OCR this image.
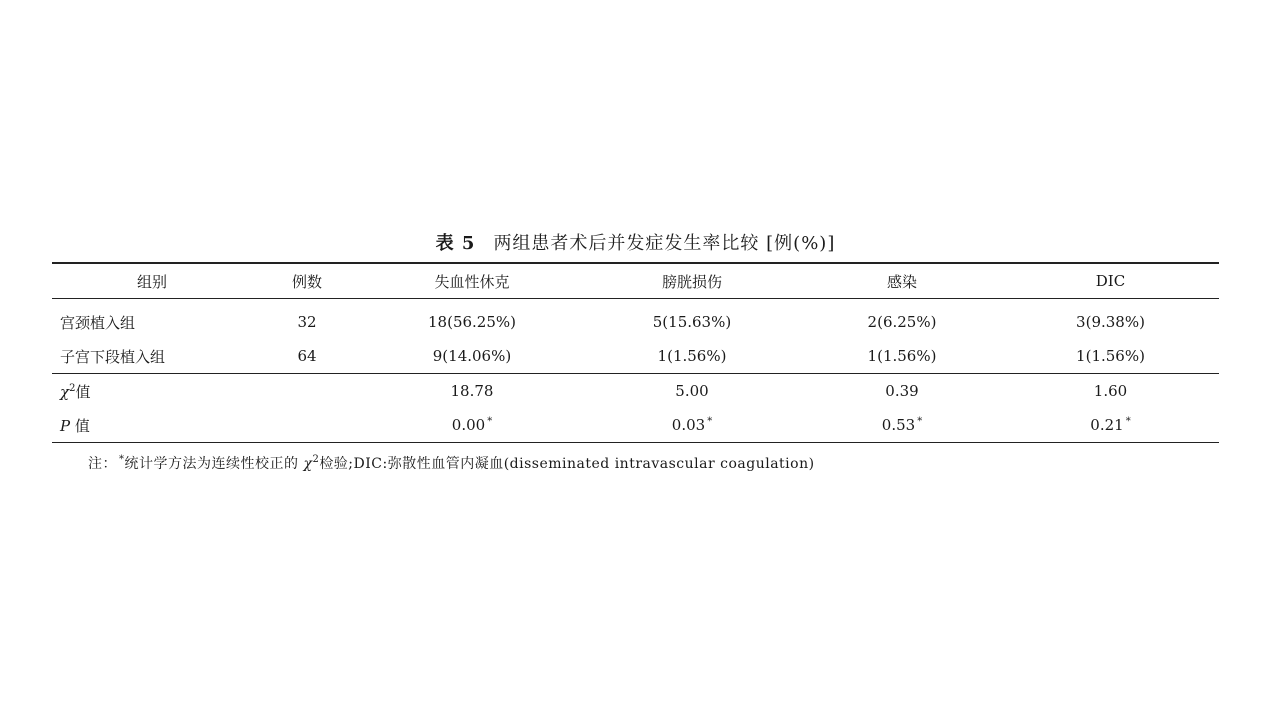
表 5 两组患者术后并发症发生率比较 [例(%)]
组别	例数	失血性休克	膀胱损伤	感染	DIC
宫颈植入组	32	18(56.25%)	5(15.63%)	2(6.25%)	3(9.38%)
子宫下段植入组	64	9(14.06%)	1(1.56%)	1(1.56%)	1(1.56%)
$\chi^2$值		18.78	5.00	0.39	1.60
P 值		0.00 *	0.03 *	0.53 *	0.21 *
注： *统计学方法为连续性校正的 $\chi^2$检验;DIC:弥散性血管内凝血(disseminated intravascular coagulation)
